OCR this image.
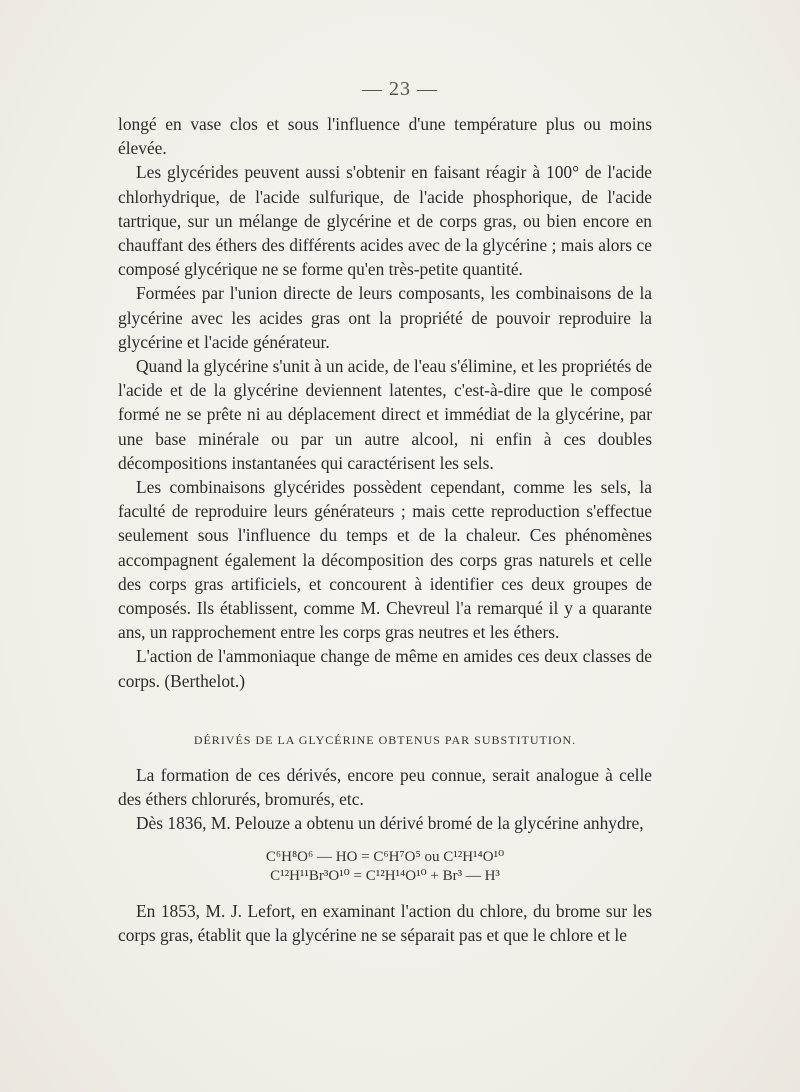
— 23 —

longé en vase clos et sous l'influence d'une température plus ou moins élevée.

Les glycérides peuvent aussi s'obtenir en faisant réagir à 100° de l'acide chlorhydrique, de l'acide sulfurique, de l'acide phosphorique, de l'acide tartrique, sur un mélange de glycérine et de corps gras, ou bien encore en chauffant des éthers des différents acides avec de la glycérine ; mais alors ce composé glycérique ne se forme qu'en très-petite quantité.

Formées par l'union directe de leurs composants, les combinaisons de la glycérine avec les acides gras ont la propriété de pouvoir reproduire la glycérine et l'acide générateur.

Quand la glycérine s'unit à un acide, de l'eau s'élimine, et les propriétés de l'acide et de la glycérine deviennent latentes, c'est-à-dire que le composé formé ne se prête ni au déplacement direct et immédiat de la glycérine, par une base minérale ou par un autre alcool, ni enfin à ces doubles décompositions instantanées qui caractérisent les sels.

Les combinaisons glycérides possèdent cependant, comme les sels, la faculté de reproduire leurs générateurs ; mais cette reproduction s'effectue seulement sous l'influence du temps et de la chaleur. Ces phénomènes accompagnent également la décomposition des corps gras naturels et celle des corps gras artificiels, et concourent à identifier ces deux groupes de composés. Ils établissent, comme M. Chevreul l'a remarqué il y a quarante ans, un rapprochement entre les corps gras neutres et les éthers.

L'action de l'ammoniaque change de même en amides ces deux classes de corps. (Berthelot.)

DÉRIVÉS DE LA GLYCÉRINE OBTENUS PAR SUBSTITUTION.

La formation de ces dérivés, encore peu connue, serait analogue à celle des éthers chlorurés, bromurés, etc.

Dès 1836, M. Pelouze a obtenu un dérivé bromé de la glycérine anhydre,

C⁶H⁸O⁶ — HO = C⁶H⁷O⁵ ou C¹²H¹⁴O¹⁰
C¹²H¹¹Br³O¹⁰ = C¹²H¹⁴O¹⁰ + Br³ — H³

En 1853, M. J. Lefort, en examinant l'action du chlore, du brome sur les corps gras, établit que la glycérine ne se séparait pas et que le chlore et le
